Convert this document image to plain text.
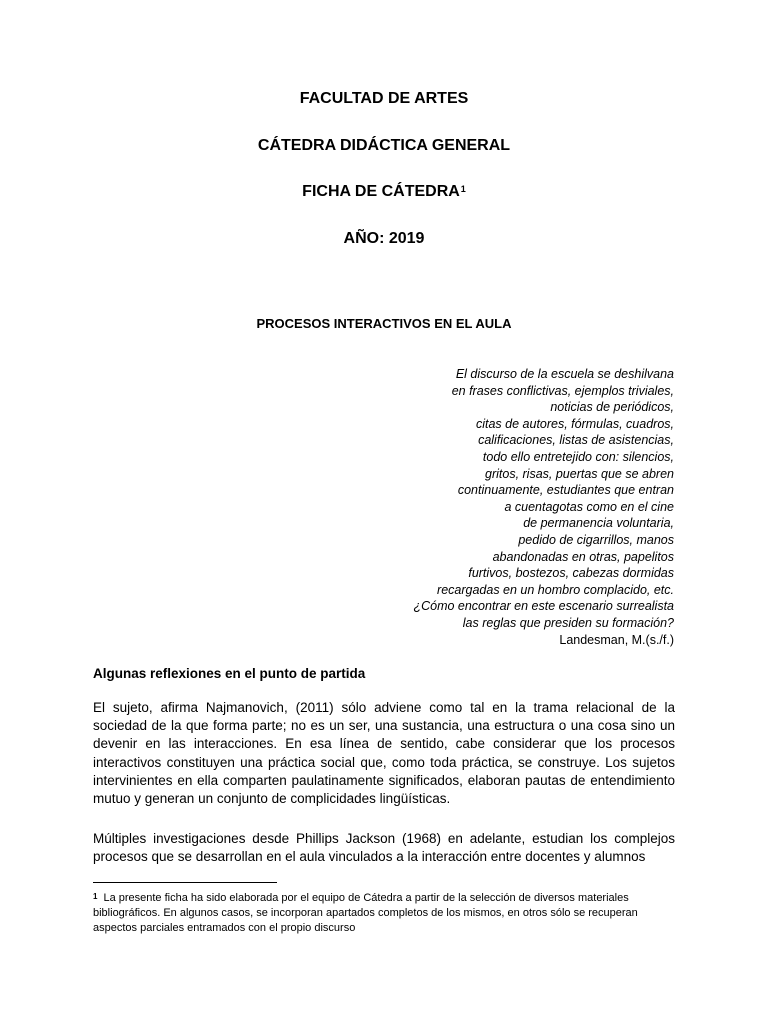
FACULTAD DE ARTES
CÁTEDRA DIDÁCTICA GENERAL
FICHA DE CÁTEDRA$^1$
AÑO: 2019
PROCESOS INTERACTIVOS EN EL AULA
El discurso de la escuela se deshilvana
en frases conflictivas, ejemplos triviales,
noticias de periódicos,
citas de autores, fórmulas, cuadros,
calificaciones, listas de asistencias,
todo ello entretejido con: silencios,
gritos, risas, puertas que se abren
continuamente, estudiantes que entran
a cuentagotas como en el cine
de permanencia voluntaria,
pedido de cigarrillos, manos
abandonadas en otras, papelitos
furtivos, bostezos, cabezas dormidas
recargadas en un hombro complacido, etc.
¿Cómo encontrar en este escenario surrealista
las reglas que presiden su formación?
Landesman, M.(s./f.)
Algunas reflexiones en el punto de partida

El sujeto, afirma Najmanovich, (2011) sólo adviene como tal en la trama relacional de la sociedad de la que forma parte; no es un ser, una sustancia, una estructura o una cosa sino un devenir en las interacciones. En esa línea de sentido, cabe considerar que los procesos interactivos constituyen una práctica social que, como toda práctica, se construye. Los sujetos intervinientes en ella comparten paulatinamente significados, elaboran pautas de entendimiento mutuo y generan un conjunto de complicidades lingüísticas.

Múltiples investigaciones desde Phillips Jackson (1968) en adelante, estudian los complejos procesos que se desarrollan en el aula vinculados a la interacción entre docentes y alumnos

$^1$ La presente ficha ha sido elaborada por el equipo de Cátedra a partir de la selección de diversos materiales bibliográficos. En algunos casos, se incorporan apartados completos de los mismos, en otros sólo se recuperan aspectos parciales entramados con el propio discurso
